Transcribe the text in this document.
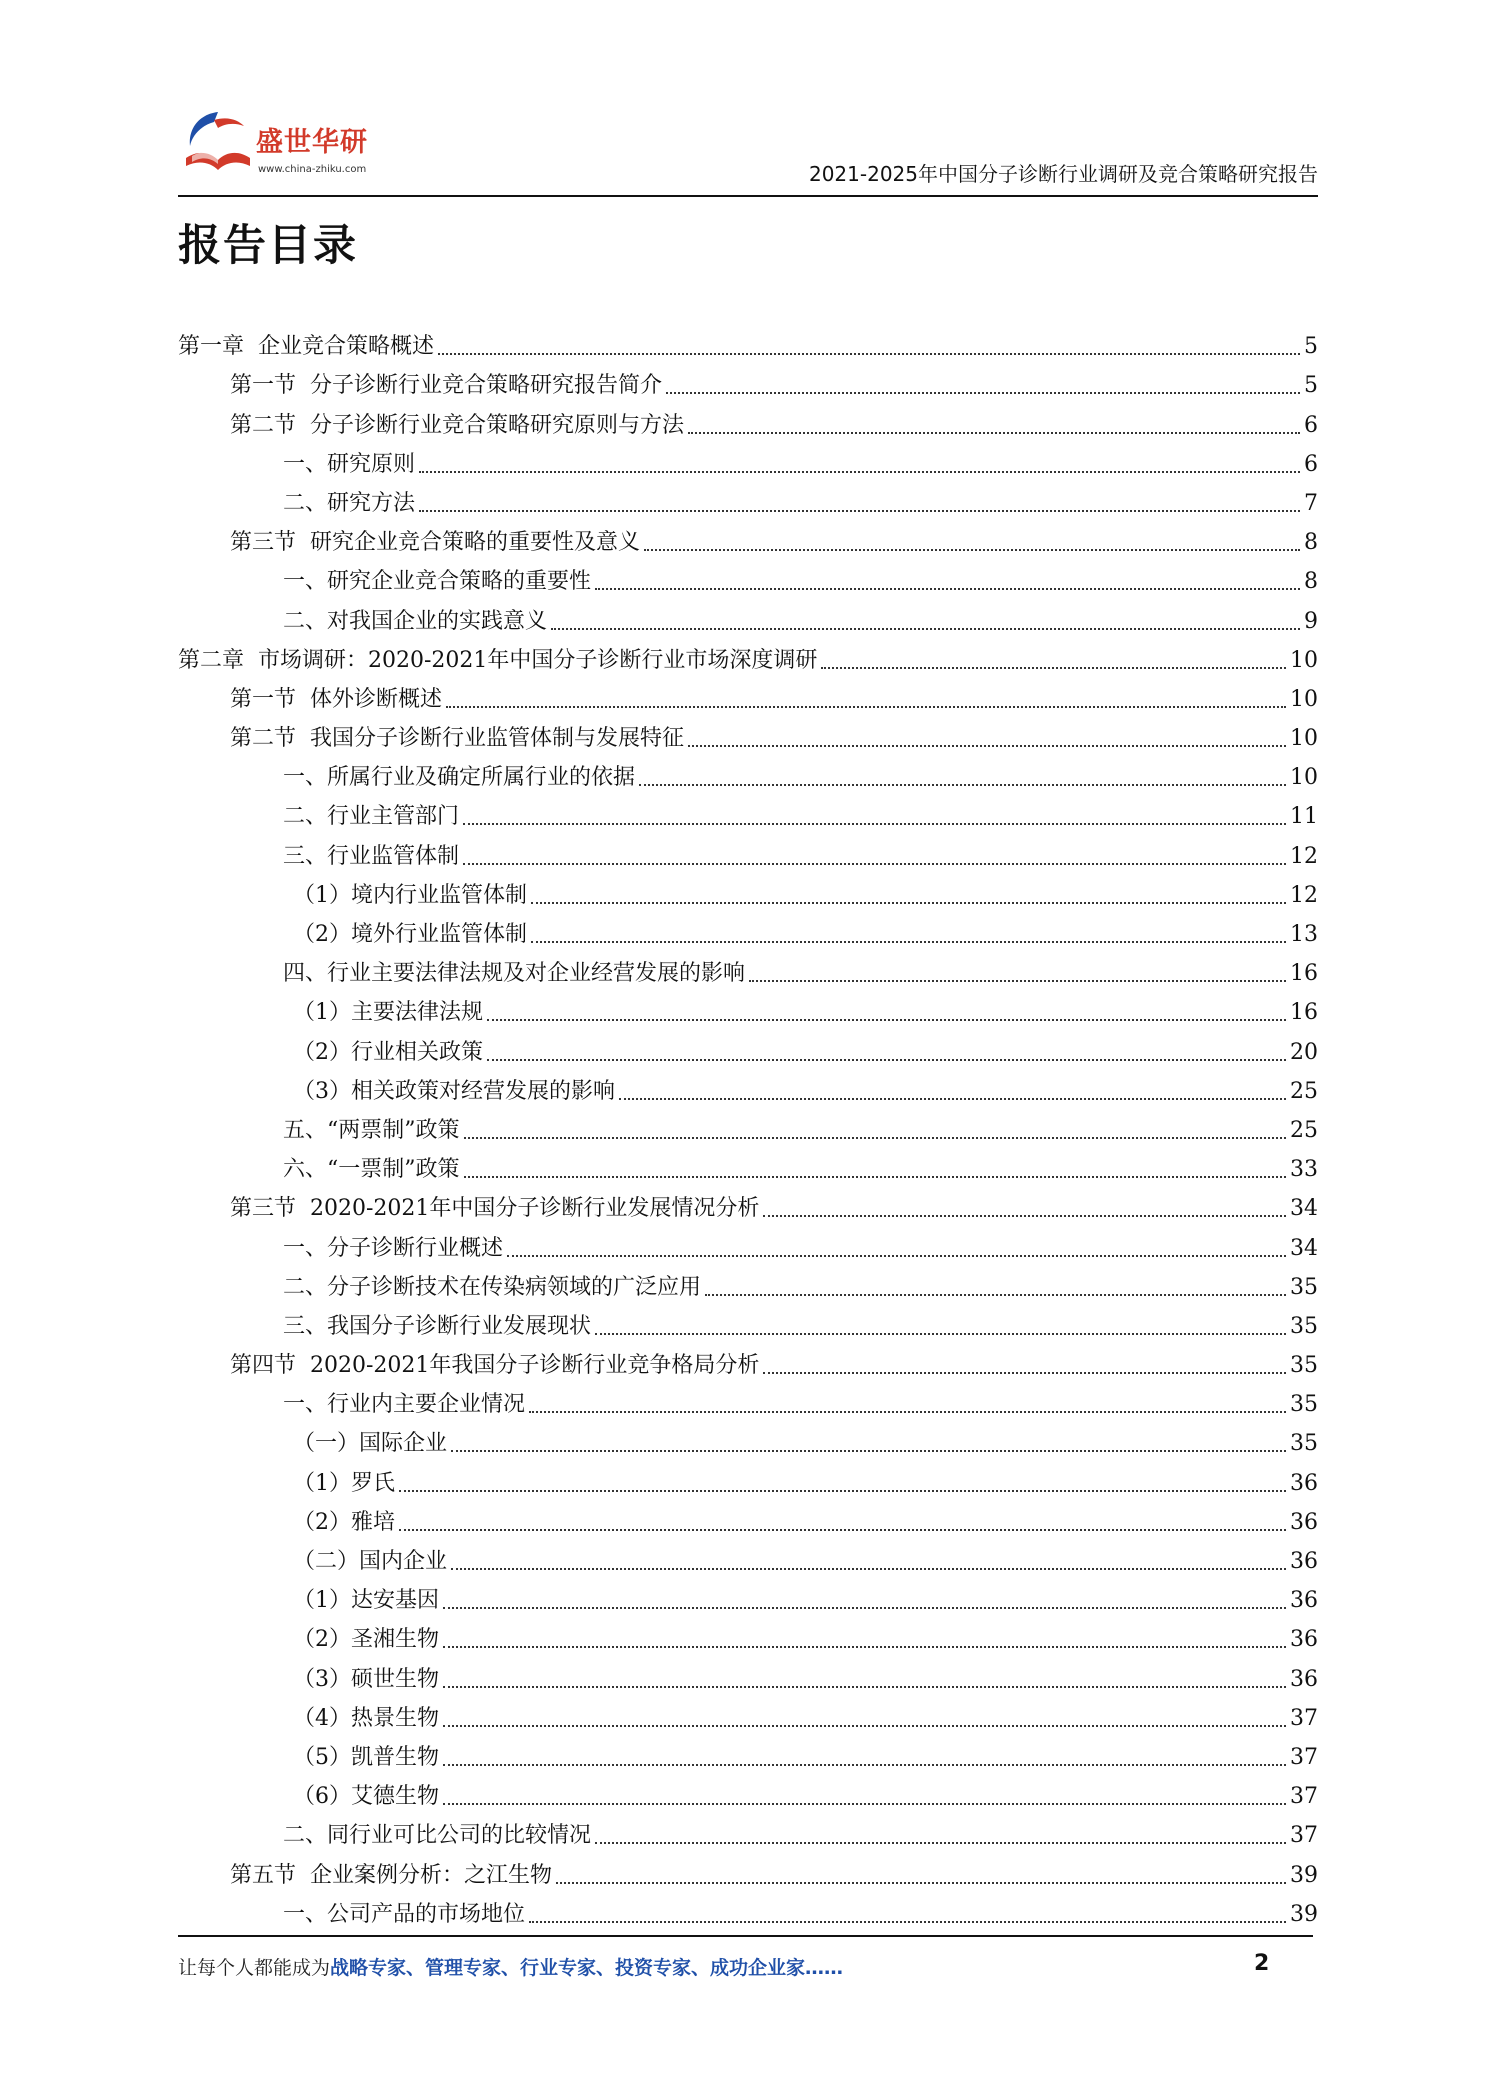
盛世华研
www.china-zhiku.com	2021-2025年中国分子诊断行业调研及竞合策略研究报告
报告目录
第一章  企业竞合策略概述	5
第一节  分子诊断行业竞合策略研究报告简介	5
第二节  分子诊断行业竞合策略研究原则与方法	6
一、研究原则	6
二、研究方法	7
第三节  研究企业竞合策略的重要性及意义	8
一、研究企业竞合策略的重要性	8
二、对我国企业的实践意义	9
第二章  市场调研：2020-2021年中国分子诊断行业市场深度调研	10
第一节  体外诊断概述	10
第二节  我国分子诊断行业监管体制与发展特征	10
一、所属行业及确定所属行业的依据	10
二、行业主管部门	11
三、行业监管体制	12
（1）境内行业监管体制	12
（2）境外行业监管体制	13
四、行业主要法律法规及对企业经营发展的影响	16
（1）主要法律法规	16
（2）行业相关政策	20
（3）相关政策对经营发展的影响	25
五、“两票制”政策	25
六、“一票制”政策	33
第三节  2020-2021年中国分子诊断行业发展情况分析	34
一、分子诊断行业概述	34
二、分子诊断技术在传染病领域的广泛应用	35
三、我国分子诊断行业发展现状	35
第四节  2020-2021年我国分子诊断行业竞争格局分析	35
一、行业内主要企业情况	35
（一）国际企业	35
（1）罗氏	36
（2）雅培	36
（二）国内企业	36
（1）达安基因	36
（2）圣湘生物	36
（3）硕世生物	36
（4）热景生物	37
（5）凯普生物	37
（6）艾德生物	37
二、同行业可比公司的比较情况	37
第五节  企业案例分析：之江生物	39
一、公司产品的市场地位	39
让每个人都能成为战略专家、管理专家、行业专家、投资专家、成功企业家……	2
